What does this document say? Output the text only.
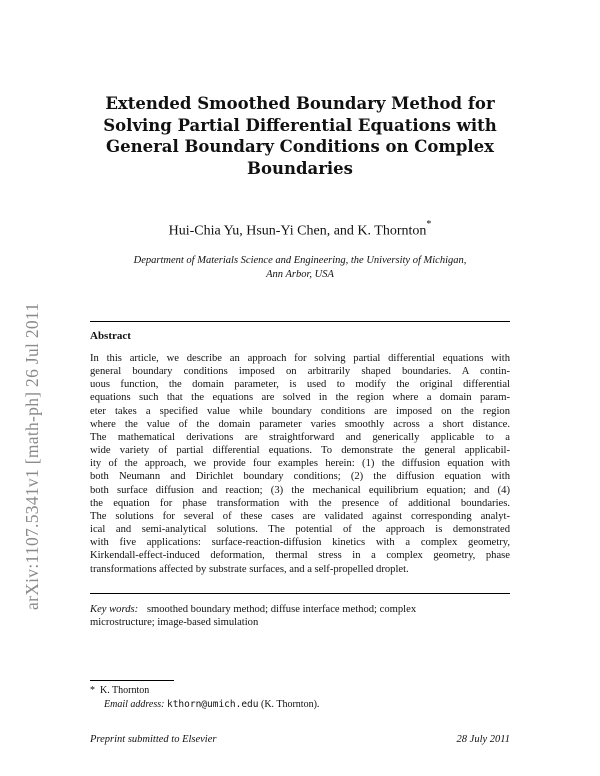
arXiv:1107.5341v1 [math-ph] 26 Jul 2011
Extended Smoothed Boundary Method for
Solving Partial Differential Equations with
General Boundary Conditions on Complex
Boundaries
Hui-Chia Yu, Hsun-Yi Chen, and K. Thornton*
Department of Materials Science and Engineering, the University of Michigan,
Ann Arbor, USA
Abstract
In this article, we describe an approach for solving partial differential equations with
general boundary conditions imposed on arbitrarily shaped boundaries. A contin-
uous function, the domain parameter, is used to modify the original differential
equations such that the equations are solved in the region where a domain param-
eter takes a specified value while boundary conditions are imposed on the region
where the value of the domain parameter varies smoothly across a short distance.
The mathematical derivations are straightforward and generically applicable to a
wide variety of partial differential equations. To demonstrate the general applicabil-
ity of the approach, we provide four examples herein: (1) the diffusion equation with
both Neumann and Dirichlet boundary conditions; (2) the diffusion equation with
both surface diffusion and reaction; (3) the mechanical equilibrium equation; and (4)
the equation for phase transformation with the presence of additional boundaries.
The solutions for several of these cases are validated against corresponding analyt-
ical and semi-analytical solutions. The potential of the approach is demonstrated
with five applications: surface-reaction-diffusion kinetics with a complex geometry,
Kirkendall-effect-induced deformation, thermal stress in a complex geometry, phase
transformations affected by substrate surfaces, and a self-propelled droplet.
Key words: smoothed boundary method; diffuse interface method; complex
microstructure; image-based simulation
* K. Thornton
Email address: kthorn@umich.edu (K. Thornton).
Preprint submitted to Elsevier	28 July 2011
